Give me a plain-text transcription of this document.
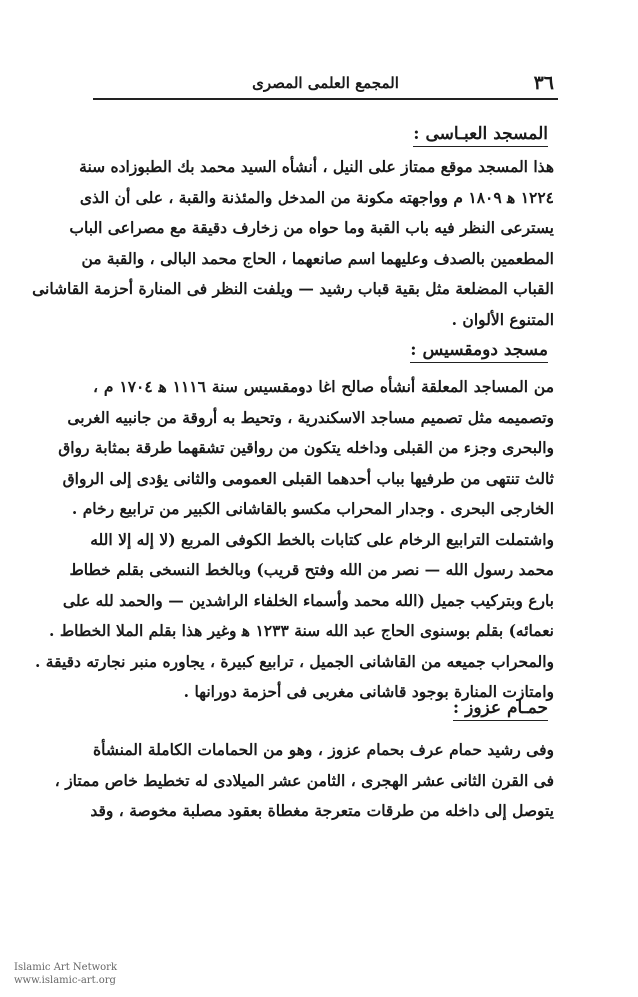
٣٦
المجمع العلمى المصرى
المسجد العبـاسى :
هذا المسجد موقع ممتاز على النيل ، أنشأه السيد محمد بك الطبوزاده سنة
١٢٢٤ ﻫ ١٨٠٩ م وواجهته مكونة من المدخل والمئذنة والقبة ، على أن الذى
يسترعى النظر فيه باب القبة وما حواه من زخارف دقيقة مع مصراعى الباب
المطعمين بالصدف وعليهما اسم صانعهما ، الحاج محمد البالى ، والقبة من
القباب المضلعة مثل بقية قباب رشيد — ويلفت النظر فى المنارة أحزمة القاشانى
المتنوع الألوان .
مسجد دومقسيس :
من المساجد المعلقة أنشأه صالح اغا دومقسيس سنة ١١١٦ ﻫ ١٧٠٤ م ،
وتصميمه مثل تصميم مساجد الاسكندرية ، وتحيط به أروقة من جانبيه الغربى
والبحرى وجزء من القبلى وداخله يتكون من رواقين تشقهما طرقة بمثابة رواق
ثالث تنتهى من طرفيها بباب أحدهما القبلى العمومى والثانى يؤدى إلى الرواق
الخارجى البحرى . وجدار المحراب مكسو بالقاشانى الكبير من ترابيع رخام .
واشتملت الترابيع الرخام على كتابات بالخط الكوفى المربع (لا إله إلا الله
محمد رسول الله — نصر من الله وفتح قريب) وبالخط النسخى بقلم خطاط
بارع وبتركيب جميل (الله محمد وأسماء الخلفاء الراشدين — والحمد لله على
نعمائه) بقلم بوسنوى الحاج عبد الله سنة ١٢٣٣ ﻫ وغير هذا بقلم الملا الخطاط .
والمحراب جميعه من القاشانى الجميل ، ترابيع كبيرة ، يجاوره منبر نجارته دقيقة .
وامتازت المنارة بوجود قاشانى مغربى فى أحزمة دورانها .
حمـام عزوز :
وفى رشيد حمام عرف بحمام عزوز ، وهو من الحمامات الكاملة المنشأة
فى القرن الثانى عشر الهجرى ، الثامن عشر الميلادى له تخطيط خاص ممتاز ،
يتوصل إلى داخله من طرقات متعرجة مغطاة بعقود مصلبة مخوصة ، وقد
Islamic Art Network
www.islamic-art.org
